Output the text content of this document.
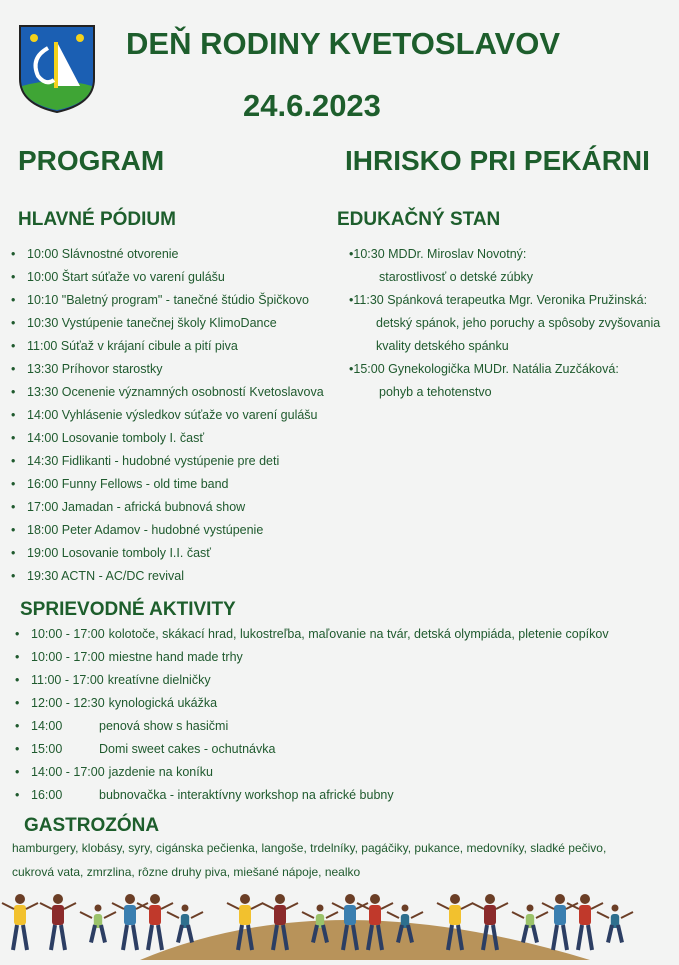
DEŇ RODINY KVETOSLAVOV
24.6.2023
PROGRAM	IHRISKO PRI PEKÁRNI
HLAVNÉ PÓDIUM
• 10:00 Slávnostné otvorenie
• 10:00 Štart súťaže vo varení gulášu
• 10:10 "Baletný program" - tanečné štúdio Špičkovo
• 10:30 Vystúpenie tanečnej školy KlimoDance
• 11:00 Súťaž v krájaní cibule a pití piva
• 13:30 Príhovor starostky
• 13:30 Ocenenie významných osobností Kvetoslavova
• 14:00 Vyhlásenie výsledkov súťaže vo varení gulášu
• 14:00 Losovanie tomboly I. časť
• 14:30 Fidlikanti - hudobné vystúpenie pre deti
• 16:00 Funny Fellows - old time band
• 17:00 Jamadan - africká bubnová show
• 18:00 Peter Adamov - hudobné vystúpenie
• 19:00 Losovanie tomboly I.I. časť
• 19:30 ACTN - AC/DC revival
EDUKAČNÝ STAN
•10:30 MDDr. Miroslav Novotný:
starostlivosť o detské zúbky
•11:30 Spánková terapeutka Mgr. Veronika Pružinská:
detský spánok, jeho poruchy a spôsoby zvyšovania
kvality detského spánku
•15:00 Gynekologička MUDr. Natália Zuzčáková:
pohyb a tehotenstvo
SPRIEVODNÉ AKTIVITY
• 10:00 - 17:00 kolotoče, skákací hrad, lukostreľba, maľovanie na tvár, detská olympiáda, pletenie copíkov
• 10:00 - 17:00 miestne hand made trhy
• 11:00 - 17:00 kreatívne dielničky
• 12:00 - 12:30 kynologická ukážka
• 14:00	penová show s hasičmi
• 15:00	Domi sweet cakes - ochutnávka
• 14:00 - 17:00 jazdenie na koníku
• 16:00	bubnovačka - interaktívny workshop na africké bubny
GASTROZÓNA
hamburgery, klobásy, syry, cigánska pečienka, langoše, trdelníky, pagáčiky, pukance, medovníky, sladké pečivo,
cukrová vata, zmrzlina, rôzne druhy piva, miešané nápoje, nealko
